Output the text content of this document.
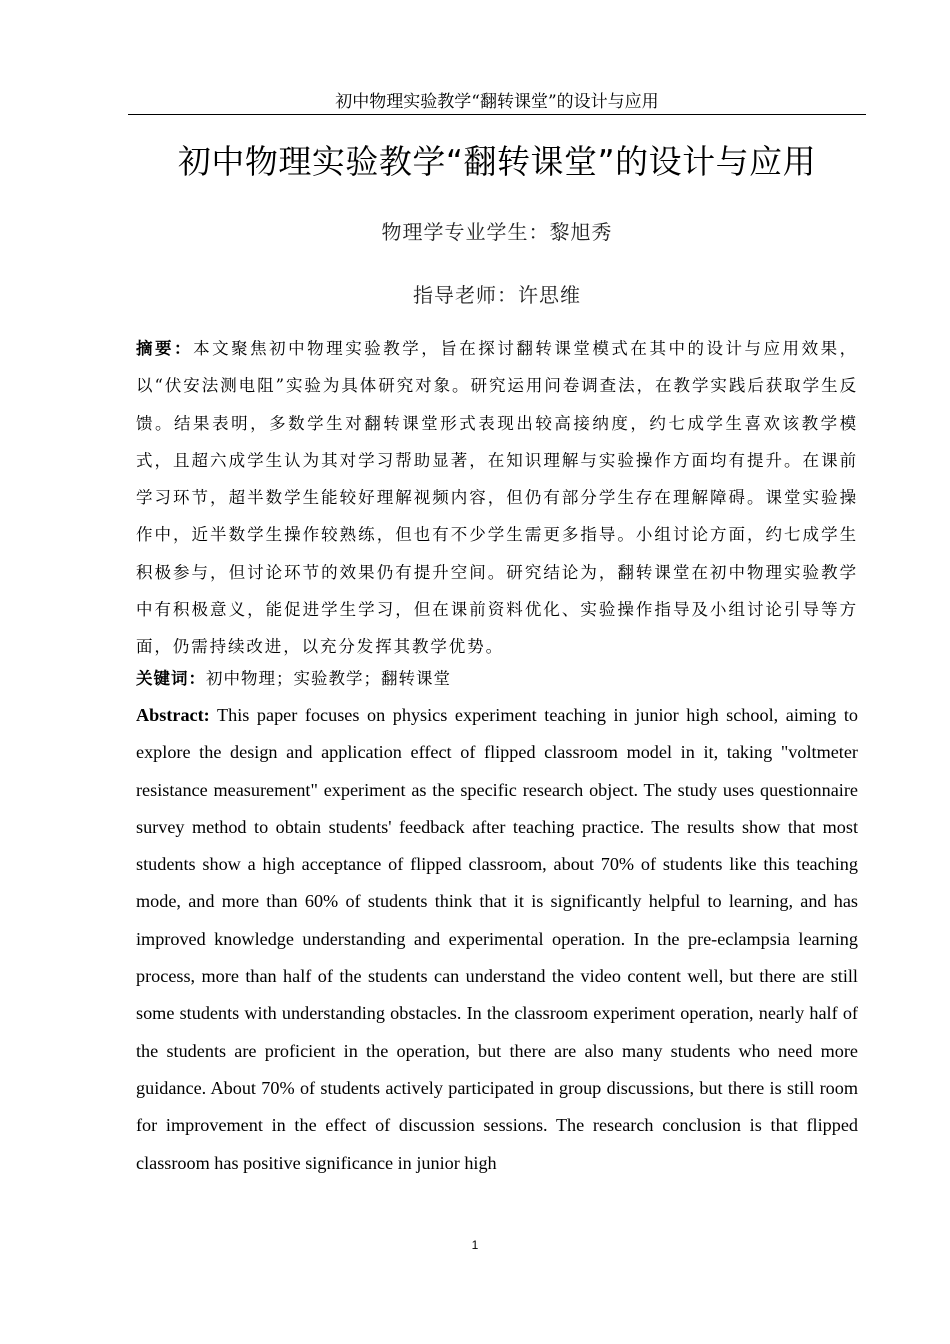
初中物理实验教学“翻转课堂”的设计与应用
初中物理实验教学“翻转课堂”的设计与应用
物理学专业学生：黎旭秀
指导老师：许思维

摘要：本文聚焦初中物理实验教学，旨在探讨翻转课堂模式在其中的设计与应用效果，以“伏安法测电阻”实验为具体研究对象。研究运用问卷调查法，在教学实践后获取学生反馈。结果表明，多数学生对翻转课堂形式表现出较高接纳度，约七成学生喜欢该教学模式，且超六成学生认为其对学习帮助显著，在知识理解与实验操作方面均有提升。在课前学习环节，超半数学生能较好理解视频内容，但仍有部分学生存在理解障碍。课堂实验操作中，近半数学生操作较熟练，但也有不少学生需更多指导。小组讨论方面，约七成学生积极参与，但讨论环节的效果仍有提升空间。研究结论为，翻转课堂在初中物理实验教学中有积极意义，能促进学生学习，但在课前资料优化、实验操作指导及小组讨论引导等方面，仍需持续改进，以充分发挥其教学优势。

关键词：初中物理；实验教学；翻转课堂

Abstract: This paper focuses on physics experiment teaching in junior high school, aiming to explore the design and application effect of flipped classroom model in it, taking "voltmeter resistance measurement" experiment as the specific research object. The study uses questionnaire survey method to obtain students' feedback after teaching practice. The results show that most students show a high acceptance of flipped classroom, about 70% of students like this teaching mode, and more than 60% of students think that it is significantly helpful to learning, and has improved knowledge understanding and experimental operation. In the pre-eclampsia learning process, more than half of the students can understand the video content well, but there are still some students with understanding obstacles. In the classroom experiment operation, nearly half of the students are proficient in the operation, but there are also many students who need more guidance. About 70% of students actively participated in group discussions, but there is still room for improvement in the effect of discussion sessions. The research conclusion is that flipped classroom has positive significance in junior high

1
